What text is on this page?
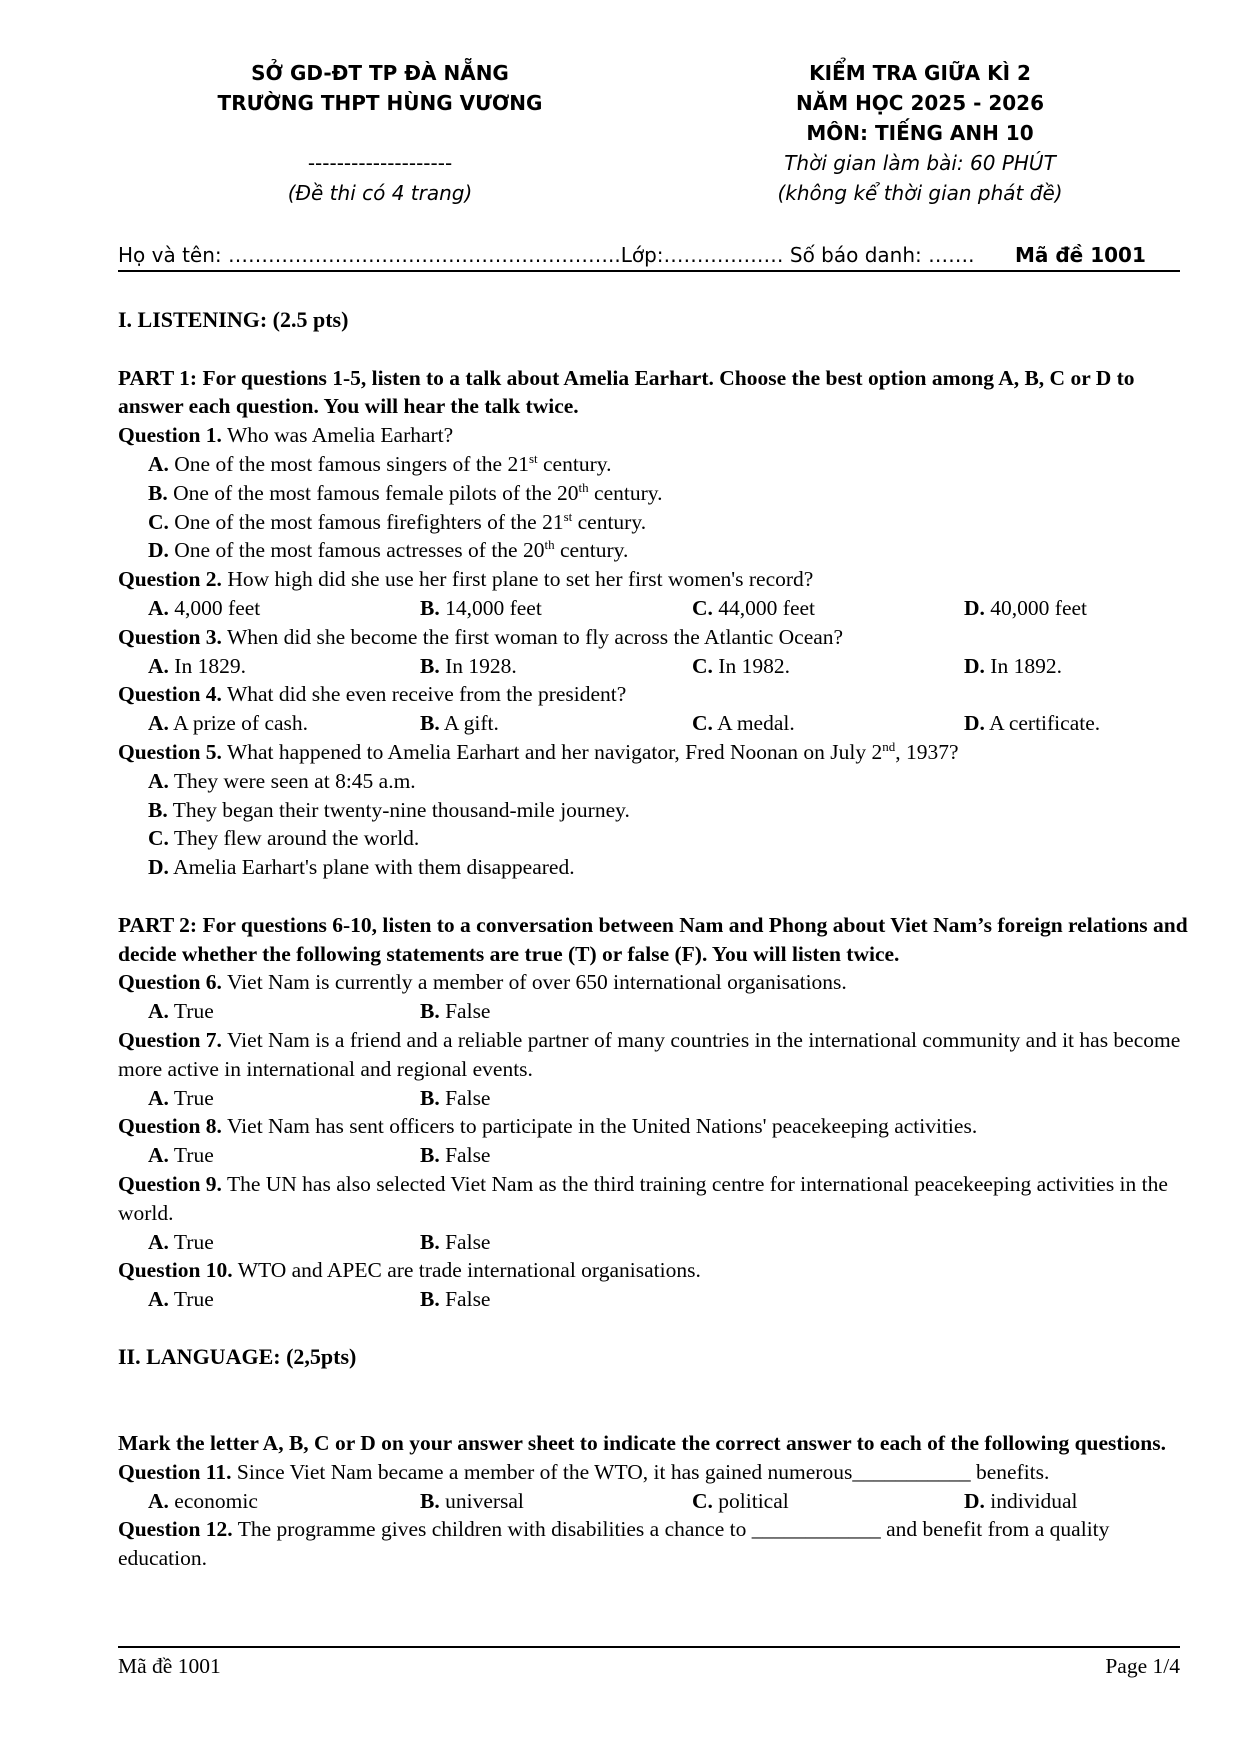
SỞ GD-ĐT TP ĐÀ NẴNG
TRƯỜNG THPT HÙNG VƯƠNG
--------------------
(Đề thi có 4 trang)
KIỂM TRA GIỮA KÌ 2
NĂM HỌC 2025 - 2026
MÔN: TIẾNG ANH 10
Thời gian làm bài: 60 PHÚT
(không kể thời gian phát đề)
Họ và tên: …………………………………………………..Lớp:……………… Số báo danh: ……. Mã đề 1001
I. LISTENING: (2.5 pts)
PART 1: For questions 1-5, listen to a talk about Amelia Earhart. Choose the best option among A, B, C or D to answer each question. You will hear the talk twice.
Question 1. Who was Amelia Earhart?
A. One of the most famous singers of the 21st century.
B. One of the most famous female pilots of the 20th century.
C. One of the most famous firefighters of the 21st century.
D. One of the most famous actresses of the 20th century.
Question 2. How high did she use her first plane to set her first women's record?
A. 4,000 feet	B. 14,000 feet	C. 44,000 feet	D. 40,000 feet
Question 3. When did she become the first woman to fly across the Atlantic Ocean?
A. In 1829.	B. In 1928.	C. In 1982.	D. In 1892.
Question 4. What did she even receive from the president?
A. A prize of cash.	B. A gift.	C. A medal.	D. A certificate.
Question 5. What happened to Amelia Earhart and her navigator, Fred Noonan on July 2nd, 1937?
A. They were seen at 8:45 a.m.
B. They began their twenty-nine thousand-mile journey.
C. They flew around the world.
D. Amelia Earhart's plane with them disappeared.
PART 2: For questions 6-10, listen to a conversation between Nam and Phong about Viet Nam’s foreign relations and decide whether the following statements are true (T) or false (F). You will listen twice.
Question 6. Viet Nam is currently a member of over 650 international organisations.
A. True	B. False
Question 7. Viet Nam is a friend and a reliable partner of many countries in the international community and it has become more active in international and regional events.
A. True	B. False
Question 8. Viet Nam has sent officers to participate in the United Nations' peacekeeping activities.
A. True	B. False
Question 9. The UN has also selected Viet Nam as the third training centre for international peacekeeping activities in the world.
A. True	B. False
Question 10. WTO and APEC are trade international organisations.
A. True	B. False
II. LANGUAGE: (2,5pts)
Mark the letter A, B, C or D on your answer sheet to indicate the correct answer to each of the following questions.
Question 11. Since Viet Nam became a member of the WTO, it has gained numerous___________ benefits.
A. economic	B. universal	C. political	D. individual
Question 12. The programme gives children with disabilities a chance to ____________ and benefit from a quality education.
Mã đề 1001	Page 1/4
